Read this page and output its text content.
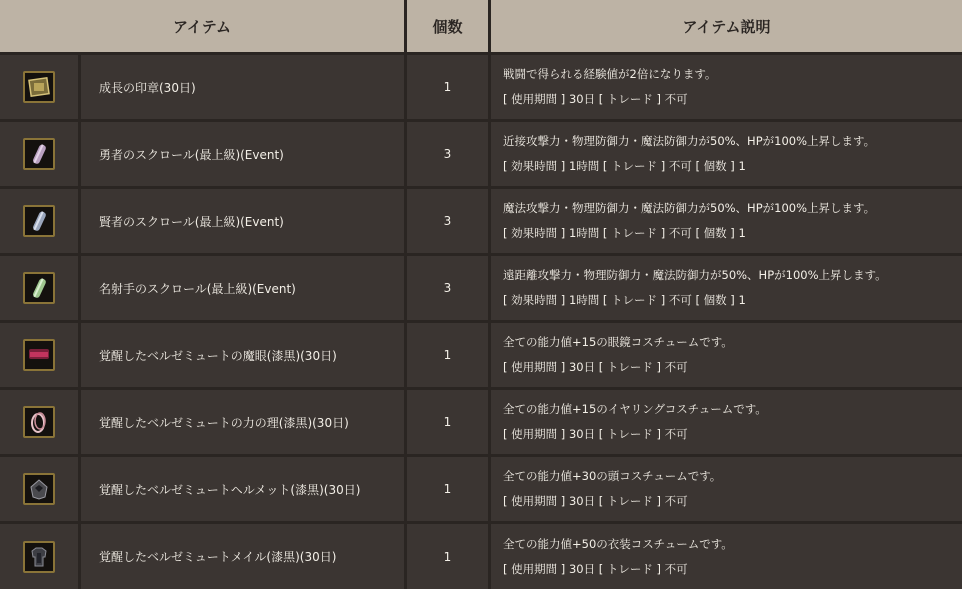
アイテム	個数	アイテム説明
成長の印章(30日)	1
戦闘で得られる経験値が2倍になります。
[ 使用期間 ] 30日 [ トレード ] 不可
勇者のスクロール(最上級)(Event)	3
近接攻撃力・物理防御力・魔法防御力が50%、HPが100%上昇します。
[ 効果時間 ] 1時間 [ トレード ] 不可 [ 個数 ] 1
賢者のスクロール(最上級)(Event)	3
魔法攻撃力・物理防御力・魔法防御力が50%、HPが100%上昇します。
[ 効果時間 ] 1時間 [ トレード ] 不可 [ 個数 ] 1
名射手のスクロール(最上級)(Event)	3
遠距離攻撃力・物理防御力・魔法防御力が50%、HPが100%上昇します。
[ 効果時間 ] 1時間 [ トレード ] 不可 [ 個数 ] 1
覚醒したベルゼミュートの魔眼(漆黒)(30日)	1
全ての能力値+15の眼鏡コスチュームです。
[ 使用期間 ] 30日 [ トレード ] 不可
覚醒したベルゼミュートの力の理(漆黒)(30日)	1
全ての能力値+15のイヤリングコスチュームです。
[ 使用期間 ] 30日 [ トレード ] 不可
覚醒したベルゼミュートヘルメット(漆黒)(30日)	1
全ての能力値+30の頭コスチュームです。
[ 使用期間 ] 30日 [ トレード ] 不可
覚醒したベルゼミュートメイル(漆黒)(30日)	1
全ての能力値+50の衣装コスチュームです。
[ 使用期間 ] 30日 [ トレード ] 不可
